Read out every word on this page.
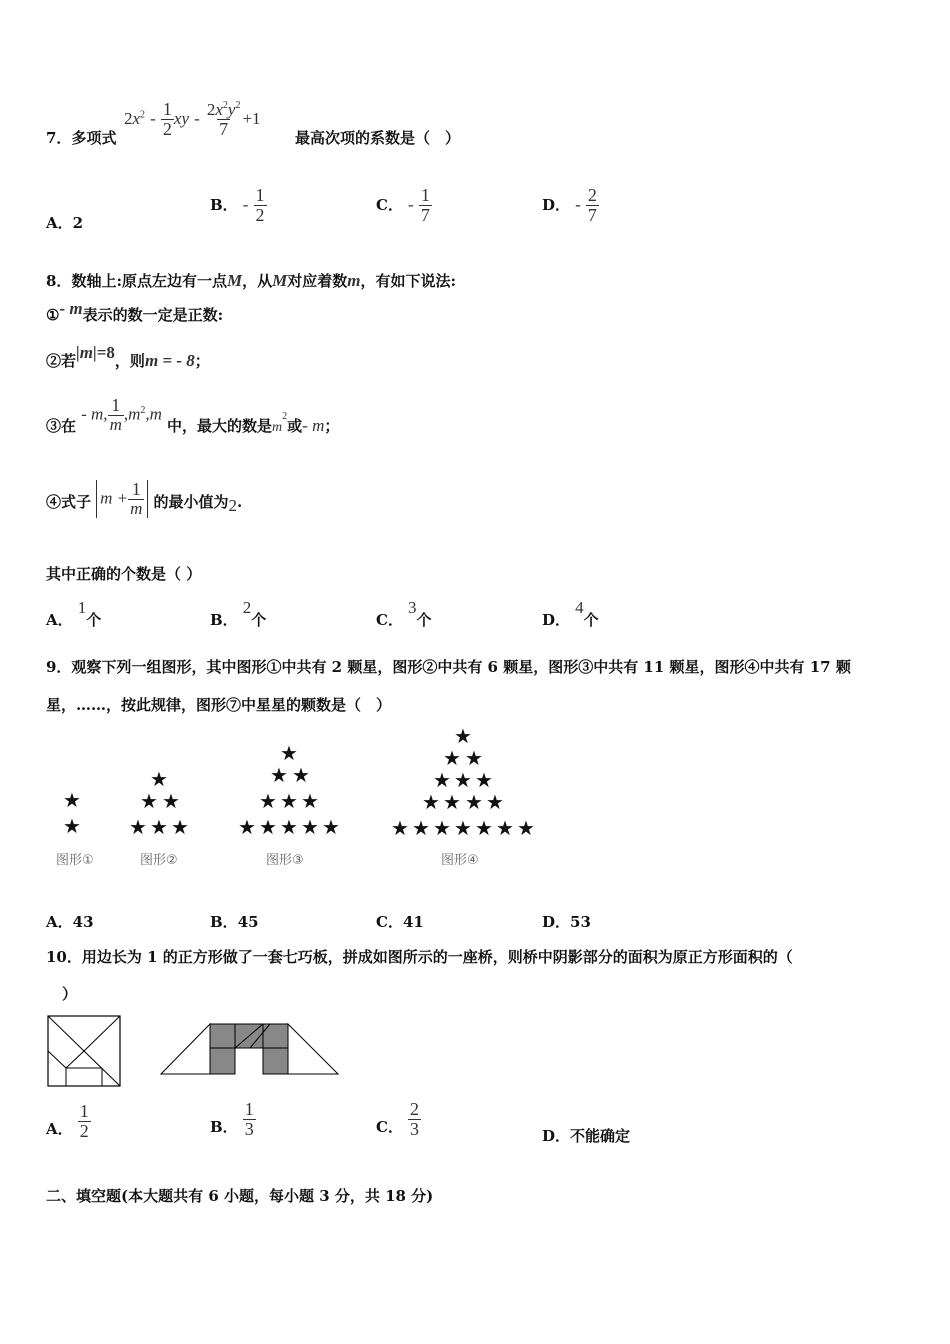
7．多项式
$2x^2 - \frac{1}{2}$ xy - $\frac{2x^2y^2}{7} +1$
最高次项的系数是（　）
A．2
B． - $\frac{1}{2}$	C． - $\frac{1}{7}$	D． - $\frac{2}{7}$
8．数轴上:原点左边有一点M，从M对应着数m，有如下说法:
①- m表示的数一定是正数:
②若|m|=8，则m = - 8；
③在 - m, $\frac{1}{m} ,m^2,m$ 中，最大的数是$m^2$或- m；
④式子 $m + \frac{1}{m}$ 的最小值为2.
其中正确的个数是（ ）
A． 1个	B． 2个	C． 3个	D． 4个
9．观察下列一组图形，其中图形①中共有 2 颗星，图形②中共有 6 颗星，图形③中共有 11 颗星，图形④中共有 17 颗
星，……，按此规律，图形⑦中星星的颗数是（　）
★
★
图形①
★
★ ★
★ ★ ★
图形②
★
★ ★
★ ★ ★
★ ★ ★ ★ ★
图形③
★
★ ★
★ ★ ★
★ ★ ★ ★
★ ★ ★ ★ ★ ★ ★
图形④
A．43	B．45	C．41	D．53
10．用边长为 1 的正方形做了一套七巧板，拼成如图所示的一座桥，则桥中阴影部分的面积为原正方形面积的（
）
A． $\frac{1}{2}$	B． $\frac{1}{3}$	C． $\frac{2}{3}$	D．不能确定
二、填空题(本大题共有 6 小题，每小题 3 分，共 18 分)
